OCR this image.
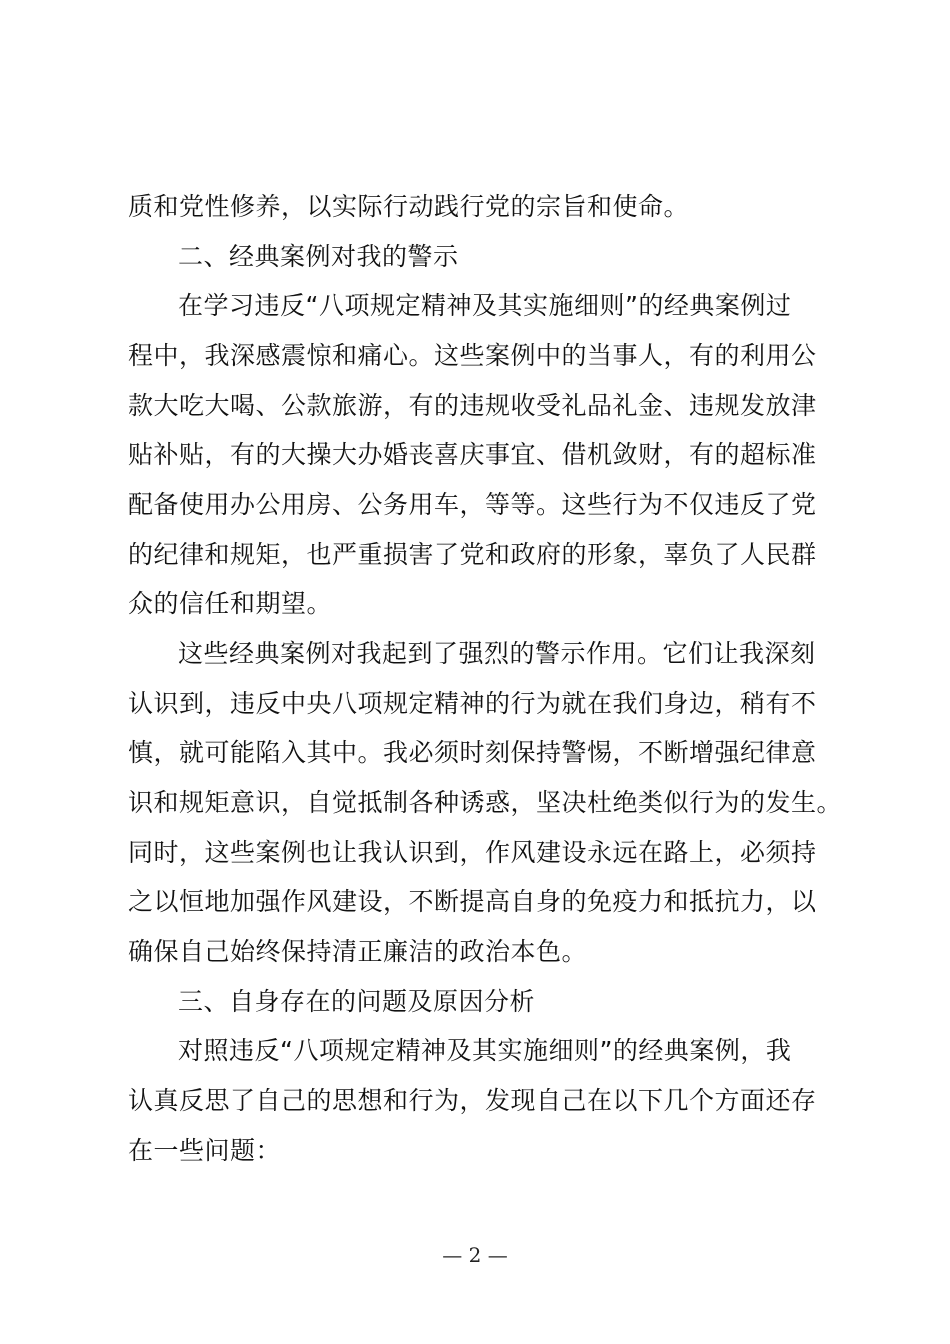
质和党性修养，以实际行动践行党的宗旨和使命。
二、经典案例对我的警示
在学习违反“八项规定精神及其实施细则”的经典案例过
程中，我深感震惊和痛心。这些案例中的当事人，有的利用公
款大吃大喝、公款旅游，有的违规收受礼品礼金、违规发放津
贴补贴，有的大操大办婚丧喜庆事宜、借机敛财，有的超标准
配备使用办公用房、公务用车，等等。这些行为不仅违反了党
的纪律和规矩，也严重损害了党和政府的形象，辜负了人民群
众的信任和期望。
这些经典案例对我起到了强烈的警示作用。它们让我深刻
认识到，违反中央八项规定精神的行为就在我们身边，稍有不
慎，就可能陷入其中。我必须时刻保持警惕，不断增强纪律意
识和规矩意识，自觉抵制各种诱惑，坚决杜绝类似行为的发生。
同时，这些案例也让我认识到，作风建设永远在路上，必须持
之以恒地加强作风建设，不断提高自身的免疫力和抵抗力，以
确保自己始终保持清正廉洁的政治本色。
三、自身存在的问题及原因分析
对照违反“八项规定精神及其实施细则”的经典案例，我
认真反思了自己的思想和行为，发现自己在以下几个方面还存
在一些问题：
— 2 —
